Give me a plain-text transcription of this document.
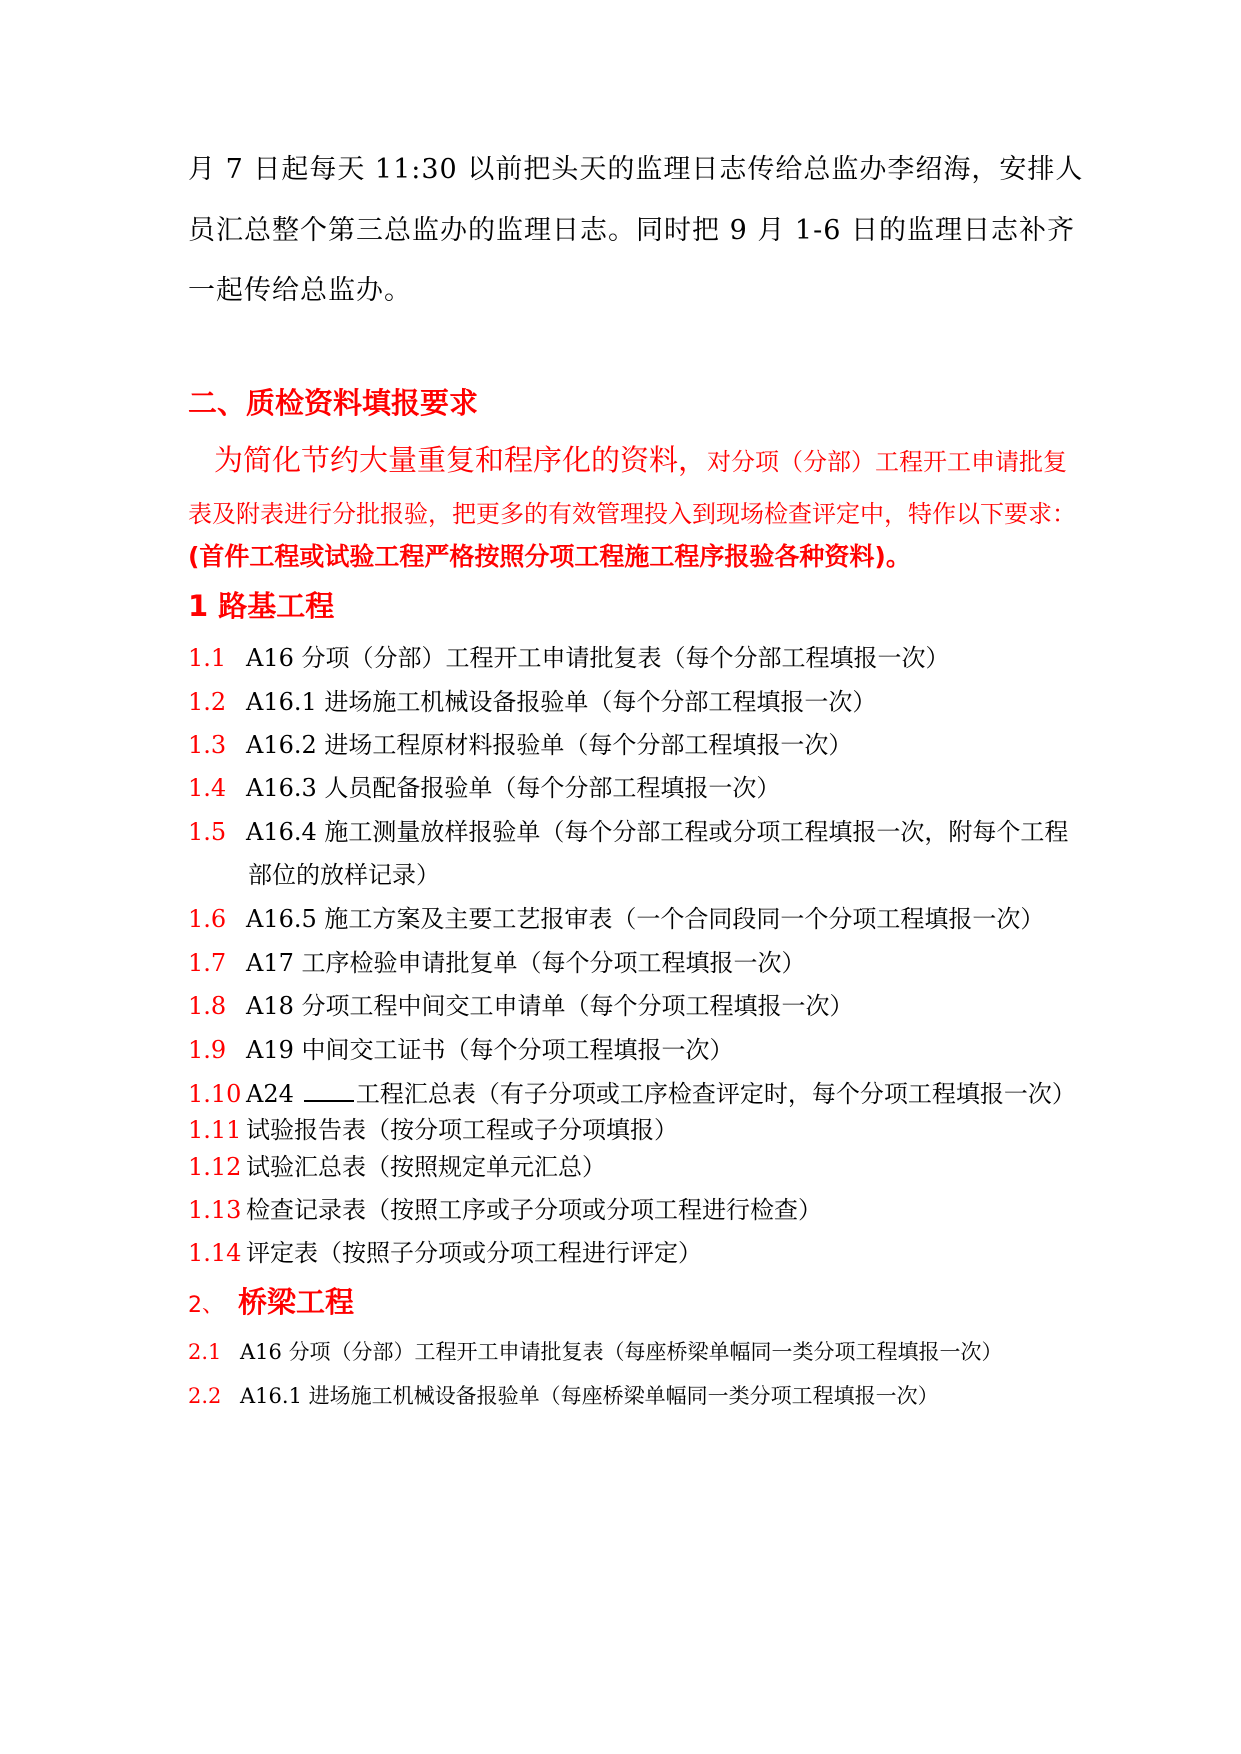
月 7 日起每天 11:30 以前把头天的监理日志传给总监办李绍海，安排人
员汇总整个第三总监办的监理日志。同时把 9 月 1-6 日的监理日志补齐
一起传给总监办。
二、质检资料填报要求
为简化节约大量重复和程序化的资料，对分项（分部）工程开工申请批复
表及附表进行分批报验，把更多的有效管理投入到现场检查评定中，特作以下要求：
(首件工程或试验工程严格按照分项工程施工程序报验各种资料)。
1 路基工程
1.1 A16 分项（分部）工程开工申请批复表（每个分部工程填报一次）
1.2 A16.1 进场施工机械设备报验单（每个分部工程填报一次）
1.3 A16.2 进场工程原材料报验单（每个分部工程填报一次）
1.4 A16.3 人员配备报验单（每个分部工程填报一次）
1.5 A16.4 施工测量放样报验单（每个分部工程或分项工程填报一次，附每个工程
部位的放样记录）
1.6 A16.5 施工方案及主要工艺报审表（一个合同段同一个分项工程填报一次）
1.7 A17 工序检验申请批复单（每个分项工程填报一次）
1.8 A18 分项工程中间交工申请单（每个分项工程填报一次）
1.9 A19 中间交工证书（每个分项工程填报一次）
1.10 A24	工程汇总表（有子分项或工序检查评定时，每个分项工程填报一次）
1.11 试验报告表（按分项工程或子分项填报）
1.12 试验汇总表（按照规定单元汇总）
1.13 检查记录表（按照工序或子分项或分项工程进行检查）
1.14 评定表（按照子分项或分项工程进行评定）
2、 桥梁工程
2.1 A16 分项（分部）工程开工申请批复表（每座桥梁单幅同一类分项工程填报一次）
2.2 A16.1 进场施工机械设备报验单（每座桥梁单幅同一类分项工程填报一次）
